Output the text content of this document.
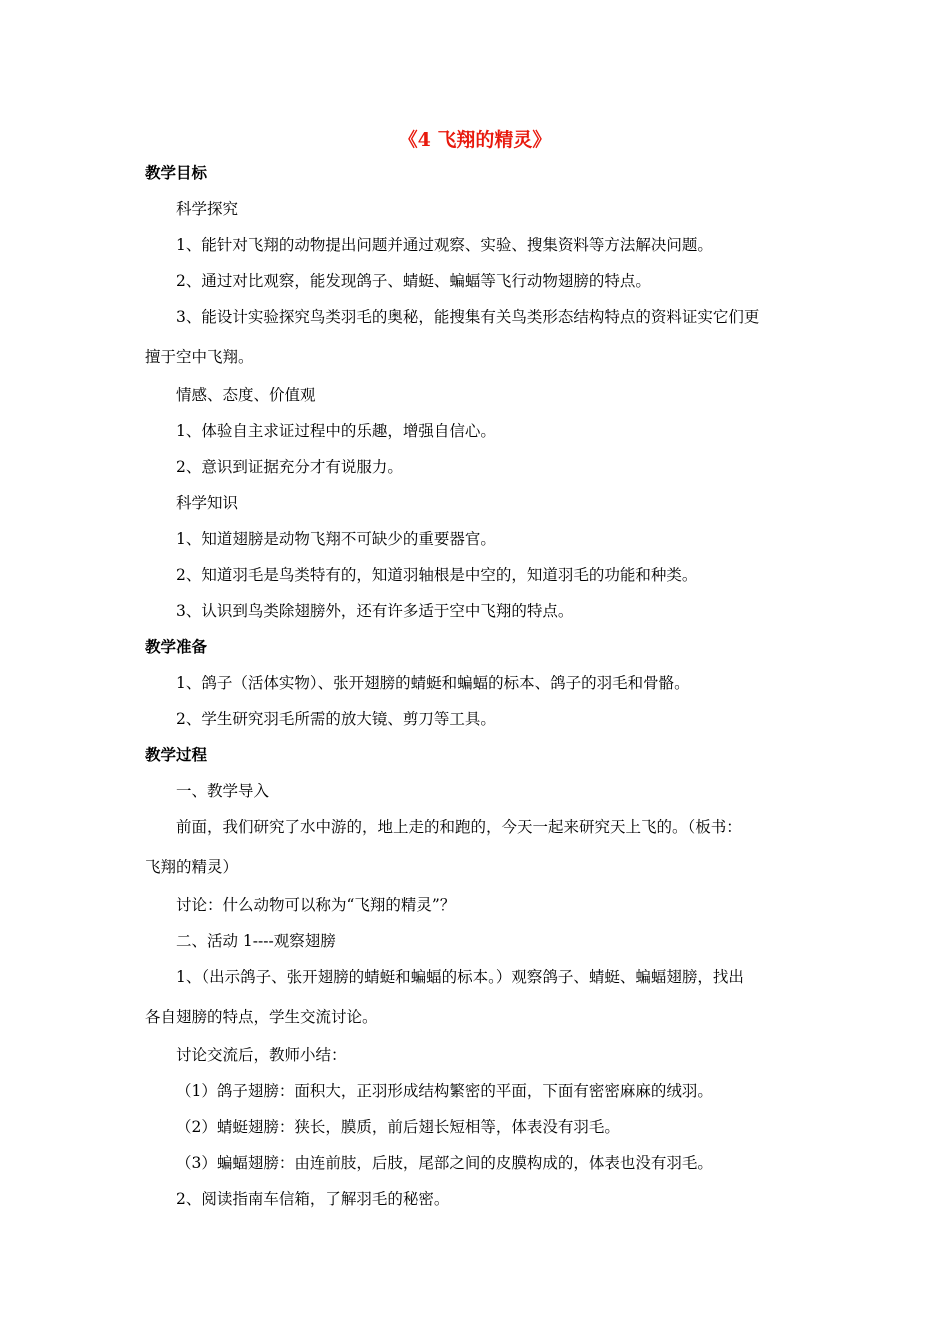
《4 飞翔的精灵》
教学目标
科学探究
1、能针对飞翔的动物提出问题并通过观察、实验、搜集资料等方法解决问题。
2、通过对比观察，能发现鸽子、蜻蜓、蝙蝠等飞行动物翅膀的特点。
3、能设计实验探究鸟类羽毛的奥秘，能搜集有关鸟类形态结构特点的资料证实它们更
擅于空中飞翔。
情感、态度、价值观
1、体验自主求证过程中的乐趣，增强自信心。
2、意识到证据充分才有说服力。
科学知识
1、知道翅膀是动物飞翔不可缺少的重要器官。
2、知道羽毛是鸟类特有的，知道羽轴根是中空的，知道羽毛的功能和种类。
3、认识到鸟类除翅膀外，还有许多适于空中飞翔的特点。
教学准备
1、鸽子（活体实物）、张开翅膀的蜻蜓和蝙蝠的标本、鸽子的羽毛和骨骼。
2、学生研究羽毛所需的放大镜、剪刀等工具。
教学过程
一、教学导入
前面，我们研究了水中游的，地上走的和跑的，今天一起来研究天上飞的。（板书：
飞翔的精灵）
讨论：什么动物可以称为“飞翔的精灵”？
二、活动 1----观察翅膀
1、（出示鸽子、张开翅膀的蜻蜓和蝙蝠的标本。）观察鸽子、蜻蜓、蝙蝠翅膀，找出
各自翅膀的特点，学生交流讨论。
讨论交流后，教师小结：
（1）鸽子翅膀：面积大，正羽形成结构繁密的平面，下面有密密麻麻的绒羽。
（2）蜻蜓翅膀：狭长，膜质，前后翅长短相等，体表没有羽毛。
（3）蝙蝠翅膀：由连前肢，后肢，尾部之间的皮膜构成的，体表也没有羽毛。
2、阅读指南车信箱，了解羽毛的秘密。
